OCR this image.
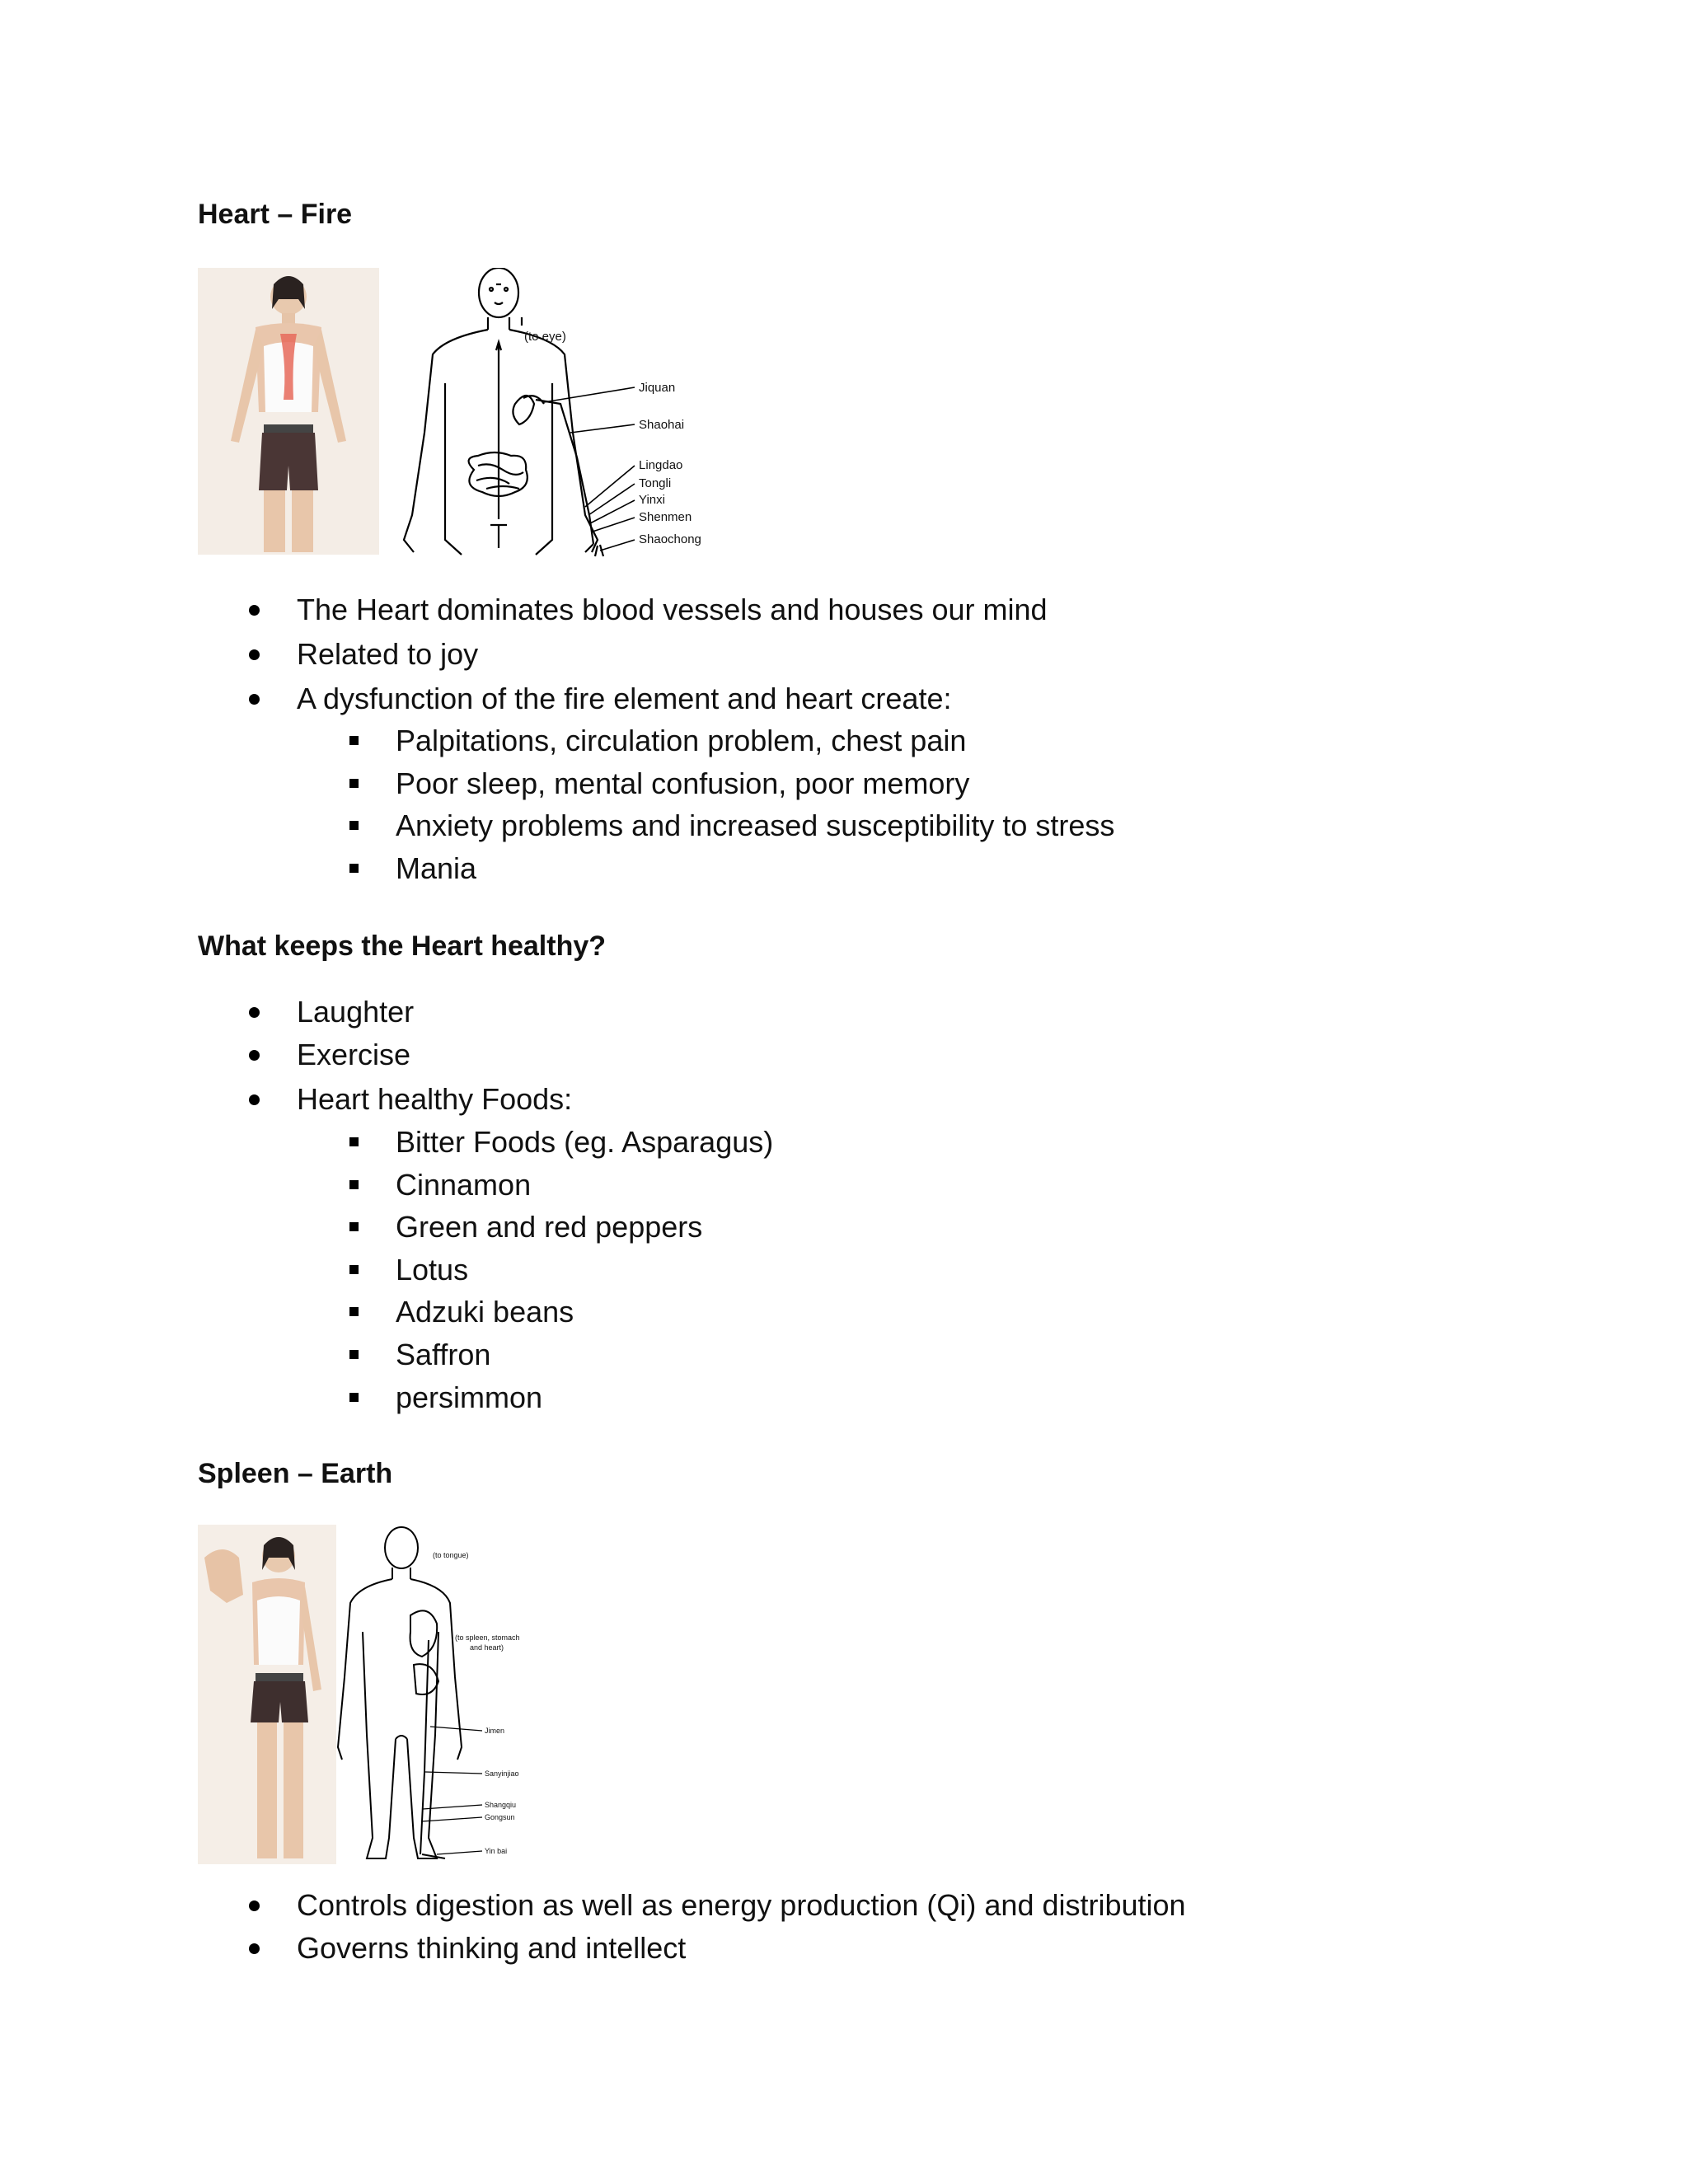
Heart – Fire
(to eye)
Jiquan
Shaohai
Lingdao
Tongli
Yinxi
Shenmen
Shaochong
The Heart dominates blood vessels and houses our mind
Related to joy
A dysfunction of the fire element and heart create:
Palpitations, circulation problem, chest pain
Poor sleep, mental confusion, poor memory
Anxiety problems and increased susceptibility to stress
Mania
What keeps the Heart healthy?
Laughter
Exercise
Heart healthy Foods:
Bitter Foods (eg. Asparagus)
Cinnamon
Green and red peppers
Lotus
Adzuki beans
Saffron
persimmon
Spleen – Earth
(to tongue)
(to spleen, stomach
and heart)
Jimen
Sanyinjiao
Shangqiu
Gongsun
Yin bai
Controls digestion as well as energy production (Qi) and distribution
Governs thinking and intellect
